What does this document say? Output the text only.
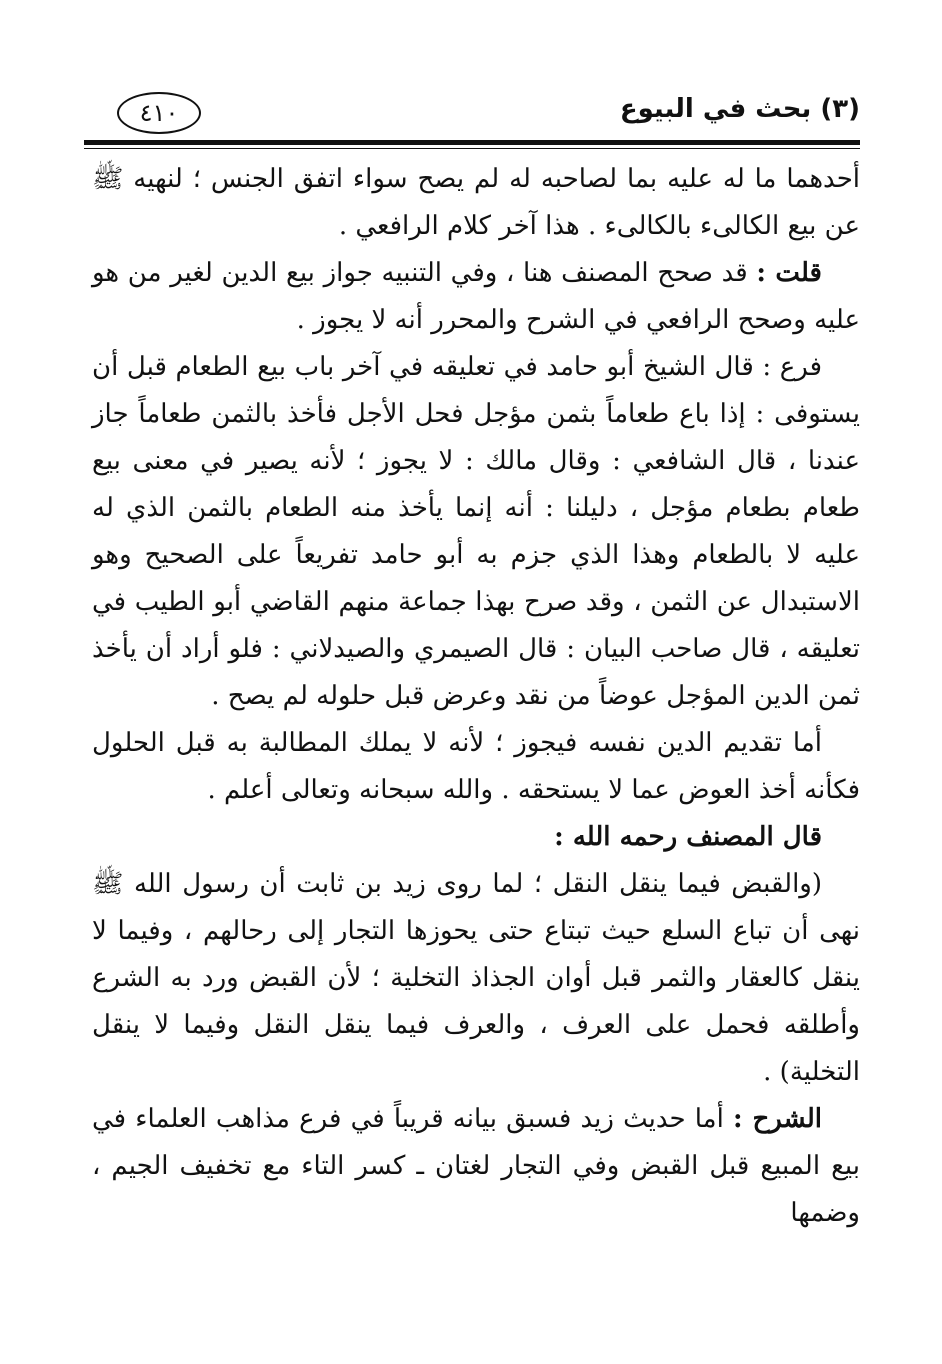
(٣) بحث في البيوع
٤١٠

أحدهما ما له عليه بما لصاحبه له لم يصح سواء اتفق الجنس ؛ لنهيه ﷺ عن بيع الكالىء بالكالىء . هذا آخر كلام الرافعي .

قلت : قد صحح المصنف هنا ، وفي التنبيه جواز بيع الدين لغير من هو عليه وصحح الرافعي في الشرح والمحرر أنه لا يجوز .

فرع : قال الشيخ أبو حامد في تعليقه في آخر باب بيع الطعام قبل أن يستوفى : إذا باع طعاماً بثمن مؤجل فحل الأجل فأخذ بالثمن طعاماً جاز عندنا ، قال الشافعي : وقال مالك : لا يجوز ؛ لأنه يصير في معنى بيع طعام بطعام مؤجل ، دليلنا : أنه إنما يأخذ منه الطعام بالثمن الذي له عليه لا بالطعام وهذا الذي جزم به أبو حامد تفريعاً على الصحيح وهو الاستبدال عن الثمن ، وقد صرح بهذا جماعة منهم القاضي أبو الطيب في تعليقه ، قال صاحب البيان : قال الصيمري والصيدلاني : فلو أراد أن يأخذ ثمن الدين المؤجل عوضاً من نقد وعرض قبل حلوله لم يصح .

أما تقديم الدين نفسه فيجوز ؛ لأنه لا يملك المطالبة به قبل الحلول فكأنه أخذ العوض عما لا يستحقه . والله سبحانه وتعالى أعلم .

قال المصنف رحمه الله :

(والقبض فيما ينقل النقل ؛ لما روى زيد بن ثابت أن رسول الله ﷺ نهى أن تباع السلع حيث تبتاع حتى يحوزها التجار إلى رحالهم ، وفيما لا ينقل كالعقار والثمر قبل أوان الجذاذ التخلية ؛ لأن القبض ورد به الشرع وأطلقه فحمل على العرف ، والعرف فيما ينقل النقل وفيما لا ينقل التخلية) .

الشرح : أما حديث زيد فسبق بيانه قريباً في فرع مذاهب العلماء في بيع المبيع قبل القبض وفي التجار لغتان ـ كسر التاء مع تخفيف الجيم ، وضمها
